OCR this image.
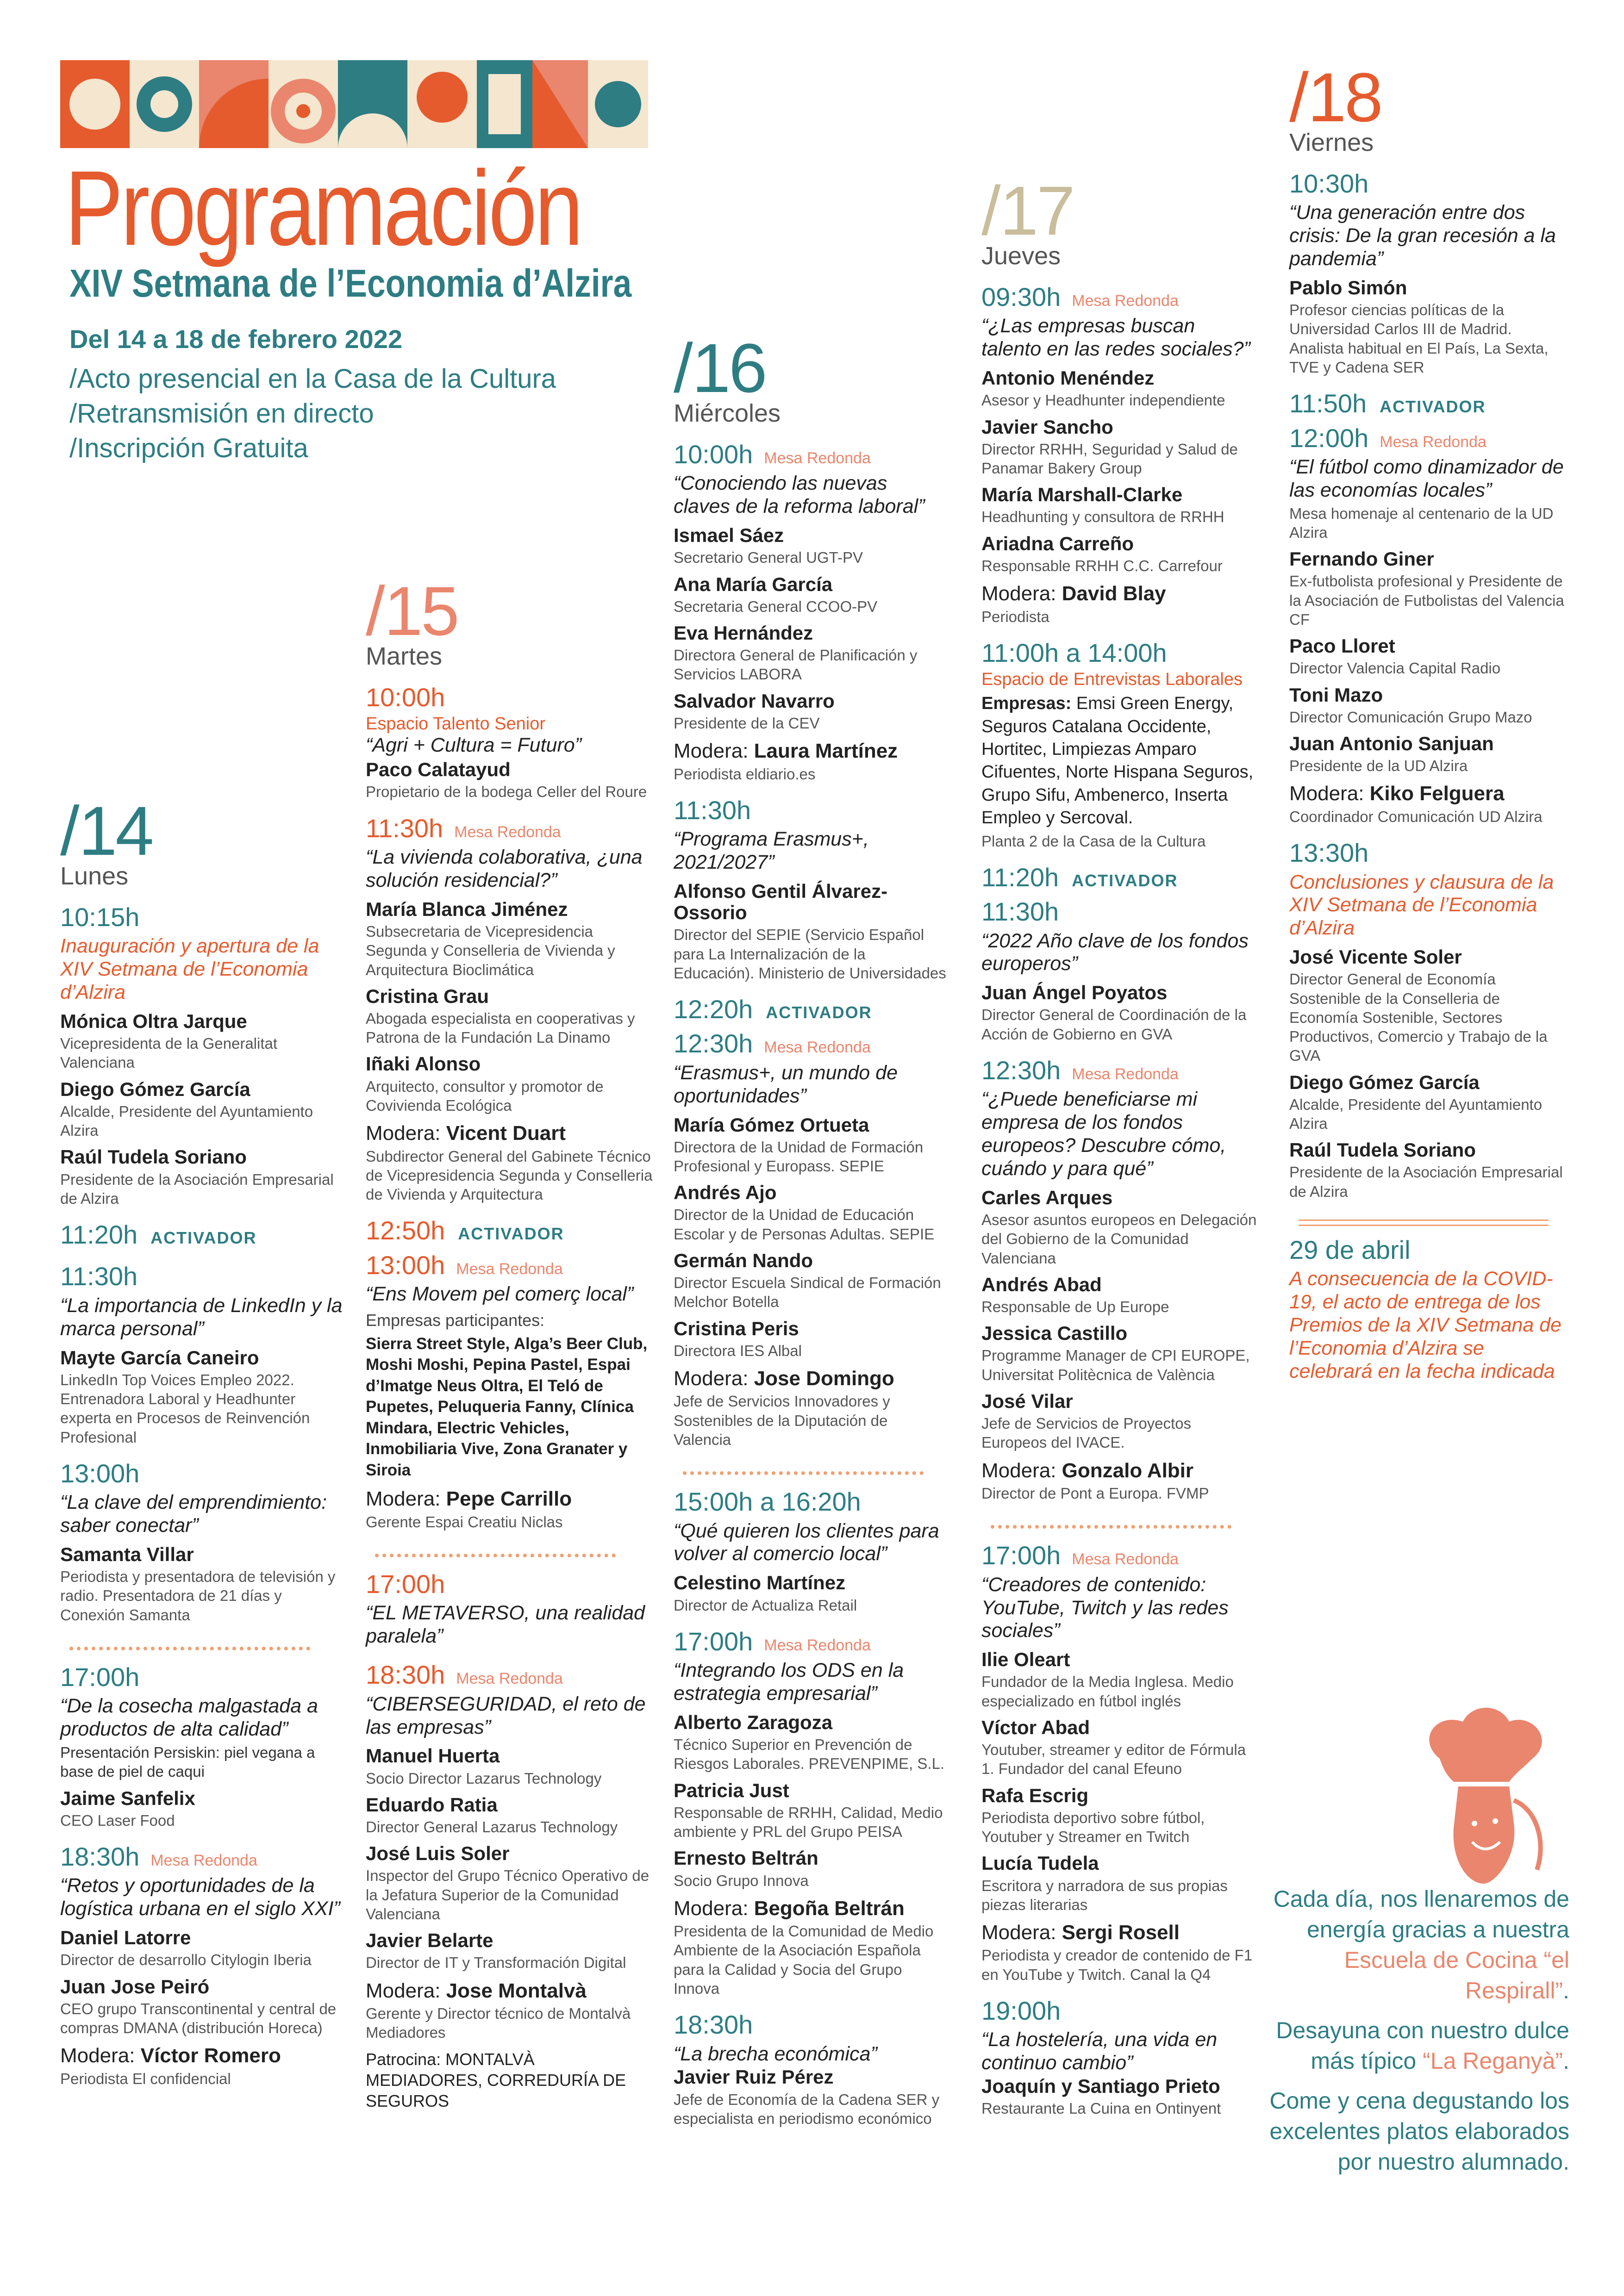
Programación
XIV Setmana de l’Economia d’Alzira
Del 14 a 18 de febrero 2022
/Acto presencial en la Casa de la Cultura
/Retransmisión en directo
/Inscripción Gratuita
/ 14
Lunes
10:15h
Inauguración y apertura de la XIV Setmana de l’Economia d’Alzira
Mónica Oltra Jarque
Vicepresidenta de la Generalitat Valenciana
Diego Gómez García
Alcalde, Presidente del Ayuntamiento Alzira
Raúl Tudela Soriano
Presidente de la Asociación Empresarial de Alzira
11:20h ACTIVADOR
11:30h
“La importancia de LinkedIn y la marca personal”
Mayte García Caneiro
LinkedIn Top Voices Empleo 2022. Entrenadora Laboral y Headhunter experta en Procesos de Reinvención Profesional
13:00h
“La clave del emprendimiento: saber conectar”
Samanta Villar
Periodista y presentadora de televisión y radio. Presentadora de 21 días y Conexión Samanta
17:00h
“De la cosecha malgastada a productos de alta calidad”
Presentación Persiskin: piel vegana a base de piel de caqui
Jaime Sanfelix
CEO Laser Food
18:30h Mesa Redonda
“Retos y oportunidades de la logística urbana en el siglo XXI”
Daniel Latorre
Director de desarrollo Citylogin Iberia
Juan Jose Peiró
CEO grupo Transcontinental y central de compras DMANA (distribución Horeca)
Modera: Víctor Romero
Periodista El confidencial
/ 15
Martes
10:00h
Espacio Talento Senior
“Agri + Cultura = Futuro”
Paco Calatayud
Propietario de la bodega Celler del Roure
11:30h Mesa Redonda
“La vivienda colaborativa, ¿una solución residencial?”
María Blanca Jiménez
Subsecretaria de Vicepresidencia Segunda y Conselleria de Vivienda y Arquitectura Bioclimática
Cristina Grau
Abogada especialista en cooperativas y Patrona de la Fundación La Dinamo
Iñaki Alonso
Arquitecto, consultor y promotor de Covivienda Ecológica
Modera: Vicent Duart
Subdirector General del Gabinete Técnico de Vicepresidencia Segunda y Conselleria de Vivienda y Arquitectura
12:50h ACTIVADOR
13:00h Mesa Redonda
“Ens Movem pel comerç local”
Empresas participantes:
Sierra Street Style, Alga’s Beer Club, Moshi Moshi, Pepina Pastel, Espai d’Imatge Neus Oltra, El Teló de Pupetes, Peluqueria Fanny, Clínica Mindara, Electric Vehicles, Inmobiliaria Vive, Zona Granater y Siroia
Modera: Pepe Carrillo
Gerente Espai Creatiu Niclas
17:00h
“EL METAVERSO, una realidad paralela”
18:30h Mesa Redonda
“CIBERSEGURIDAD, el reto de las empresas”
Manuel Huerta
Socio Director Lazarus Technology
Eduardo Ratia
Director General Lazarus Technology
José Luis Soler
Inspector del Grupo Técnico Operativo de la Jefatura Superior de la Comunidad Valenciana
Javier Belarte
Director de IT y Transformación Digital
Modera: Jose Montalvà
Gerente y Director técnico de Montalvà Mediadores
Patrocina: MONTALVÀ MEDIADORES, CORREDURÍA DE SEGUROS
/ 16
Miércoles
10:00h Mesa Redonda
“Conociendo las nuevas claves de la reforma laboral”
Ismael Sáez
Secretario General UGT-PV
Ana María García
Secretaria General CCOO-PV
Eva Hernández
Directora General de Planificación y Servicios LABORA
Salvador Navarro
Presidente de la CEV
Modera: Laura Martínez
Periodista eldiario.es
11:30h
“Programa Erasmus+, 2021/2027”
Alfonso Gentil Álvarez-Ossorio
Director del SEPIE (Servicio Español para La Internalización de la Educación). Ministerio de Universidades
12:20h ACTIVADOR
12:30h Mesa Redonda
“Erasmus+, un mundo de oportunidades”
María Gómez Ortueta
Directora de la Unidad de Formación Profesional y Europass. SEPIE
Andrés Ajo
Director de la Unidad de Educación Escolar y de Personas Adultas. SEPIE
Germán Nando
Director Escuela Sindical de Formación Melchor Botella
Cristina Peris
Directora IES Albal
Modera: Jose Domingo
Jefe de Servicios Innovadores y Sostenibles de la Diputación de Valencia
15:00h a 16:20h
“Qué quieren los clientes para volver al comercio local”
Celestino Martínez
Director de Actualiza Retail
17:00h Mesa Redonda
“Integrando los ODS en la estrategia empresarial”
Alberto Zaragoza
Técnico Superior en Prevención de Riesgos Laborales. PREVENPIME, S.L.
Patricia Just
Responsable de RRHH, Calidad, Medio ambiente y PRL del Grupo PEISA
Ernesto Beltrán
Socio Grupo Innova
Modera: Begoña Beltrán
Presidenta de la Comunidad de Medio Ambiente de la Asociación Española para la Calidad y Socia del Grupo Innova
18:30h
“La brecha económica”
Javier Ruiz Pérez
Jefe de Economía de la Cadena SER y especialista en periodismo económico
/ 17
Jueves
09:30h Mesa Redonda
“¿Las empresas buscan talento en las redes sociales?”
Antonio Menéndez
Asesor y Headhunter independiente
Javier Sancho
Director RRHH, Seguridad y Salud de Panamar Bakery Group
María Marshall-Clarke
Headhunting y consultora de RRHH
Ariadna Carreño
Responsable RRHH C.C. Carrefour
Modera: David Blay
Periodista
11:00h a 14:00h
Espacio de Entrevistas Laborales
Empresas: Emsi Green Energy, Seguros Catalana Occidente, Hortitec, Limpiezas Amparo Cifuentes, Norte Hispana Seguros, Grupo Sifu, Ambenerco, Inserta Empleo y Sercoval.
Planta 2 de la Casa de la Cultura
11:20h ACTIVADOR
11:30h
“2022 Año clave de los fondos europeros”
Juan Ángel Poyatos
Director General de Coordinación de la Acción de Gobierno en GVA
12:30h Mesa Redonda
“¿Puede beneficiarse mi empresa de los fondos europeos? Descubre cómo, cuándo y para qué”
Carles Arques
Asesor asuntos europeos en Delegación del Gobierno de la Comunidad Valenciana
Andrés Abad
Responsable de Up Europe
Jessica Castillo
Programme Manager de CPI EUROPE, Universitat Politècnica de València
José Vilar
Jefe de Servicios de Proyectos Europeos del IVACE.
Modera: Gonzalo Albir
Director de Pont a Europa. FVMP
17:00h Mesa Redonda
“Creadores de contenido: YouTube, Twitch y las redes sociales”
Ilie Oleart
Fundador de la Media Inglesa. Medio especializado en fútbol inglés
Víctor Abad
Youtuber, streamer y editor de Fórmula 1. Fundador del canal Efeuno
Rafa Escrig
Periodista deportivo sobre fútbol, Youtuber y Streamer en Twitch
Lucía Tudela
Escritora y narradora de sus propias piezas literarias
Modera: Sergi Rosell
Periodista y creador de contenido de F1 en YouTube y Twitch. Canal la Q4
19:00h
“La hostelería, una vida en continuo cambio”
Joaquín y Santiago Prieto
Restaurante La Cuina en Ontinyent
/ 18
Viernes
10:30h
“Una generación entre dos crisis: De la gran recesión a la pandemia”
Pablo Simón
Profesor ciencias políticas de la Universidad Carlos III de Madrid. Analista habitual en El País, La Sexta, TVE y Cadena SER
11:50h ACTIVADOR
12:00h Mesa Redonda
“El fútbol como dinamizador de las economías locales”
Mesa homenaje al centenario de la UD Alzira
Fernando Giner
Ex-futbolista profesional y Presidente de la Asociación de Futbolistas del Valencia CF
Paco Lloret
Director Valencia Capital Radio
Toni Mazo
Director Comunicación Grupo Mazo
Juan Antonio Sanjuan
Presidente de la UD Alzira
Modera: Kiko Felguera
Coordinador Comunicación UD Alzira
13:30h
Conclusiones y clausura de la XIV Setmana de l’Economia d’Alzira
José Vicente Soler
Director General de Economía Sostenible de la Conselleria de Economía Sostenible, Sectores Productivos, Comercio y Trabajo de la GVA
Diego Gómez García
Alcalde, Presidente del Ayuntamiento Alzira
Raúl Tudela Soriano
Presidente de la Asociación Empresarial de Alzira
29 de abril
A consecuencia de la COVID-19, el acto de entrega de los Premios de la XIV Setmana de l’Economia d’Alzira se celebrará en la fecha indicada
Cada día, nos llenaremos de energía gracias a nuestra Escuela de Cocina “el Respirall”.
Desayuna con nuestro dulce más típico “La Reganyà”.
Come y cena degustando los excelentes platos elaborados por nuestro alumnado.
